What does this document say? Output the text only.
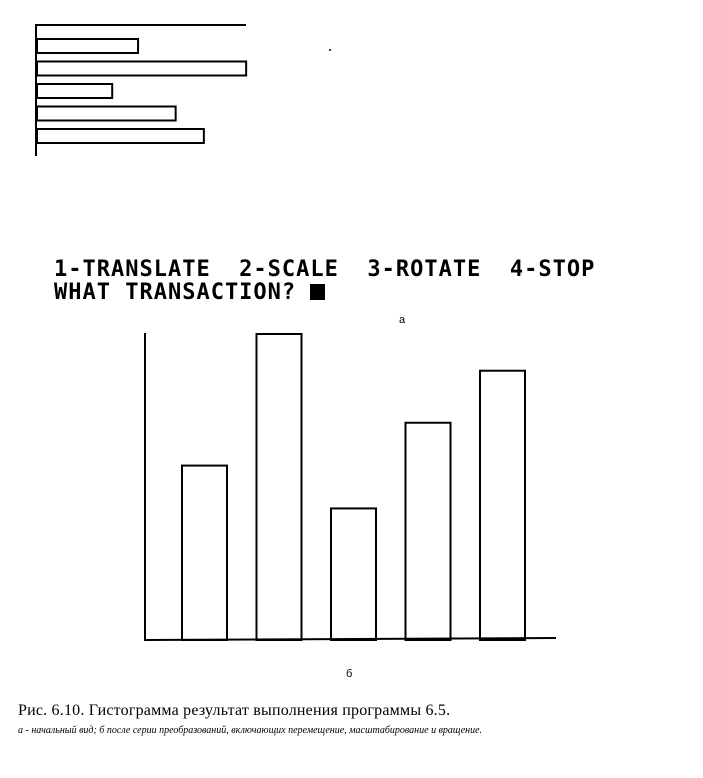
1-TRANSLATE  2-SCALE  3-ROTATE  4-STOP
WHAT TRANSACTION?
a
б
Рис. 6.10. Гистограмма результат выполнения программы 6.5.
а - начальный вид; б после серии преобразований, включающих перемещение, масштабирование и вращение.
